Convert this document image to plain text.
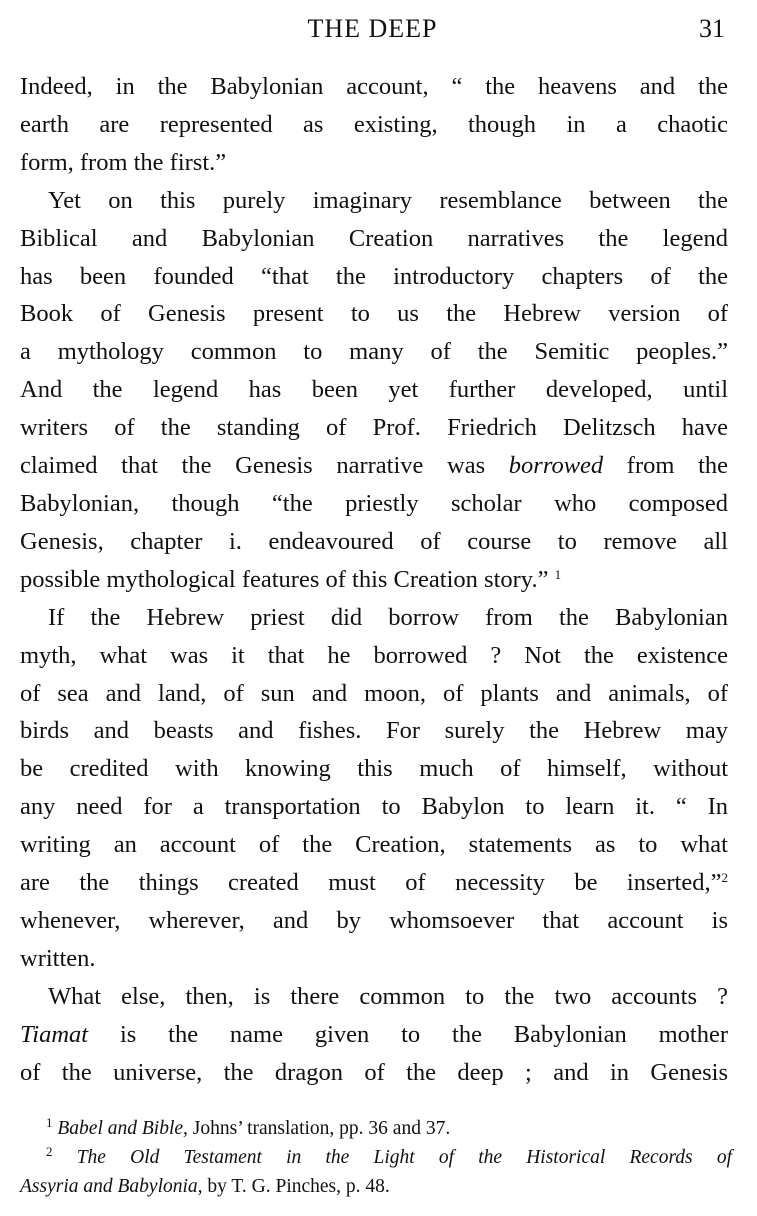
THE DEEP	31

Indeed, in the Babylonian account, “ the heavens and the
earth are represented as existing, though in a chaotic
form, from the first.”

Yet on this purely imaginary resemblance between the
Biblical and Babylonian Creation narratives the legend
has been founded “that the introductory chapters of the
Book of Genesis present to us the Hebrew version of
a mythology common to many of the Semitic peoples.”
And the legend has been yet further developed, until
writers of the standing of Prof. Friedrich Delitzsch have
claimed that the Genesis narrative was borrowed from the
Babylonian, though “the priestly scholar who composed
Genesis, chapter i. endeavoured of course to remove all
possible mythological features of this Creation story.” $^1$

If the Hebrew priest did borrow from the Babylonian
myth, what was it that he borrowed ? Not the existence
of sea and land, of sun and moon, of plants and animals, of
birds and beasts and fishes. For surely the Hebrew may
be credited with knowing this much of himself, without
any need for a transportation to Babylon to learn it. “ In
writing an account of the Creation, statements as to what
are the things created must of necessity be inserted,”$^2$
whenever, wherever, and by whomsoever that account is
written.

What else, then, is there common to the two accounts ?
Tiamat is the name given to the Babylonian mother
of the universe, the dragon of the deep ; and in Genesis

$^1$ Babel and Bible, Johns’ translation, pp. 36 and 37.
$^2$ The Old Testament in the Light of the Historical Records of
Assyria and Babylonia, by T. G. Pinches, p. 48.
